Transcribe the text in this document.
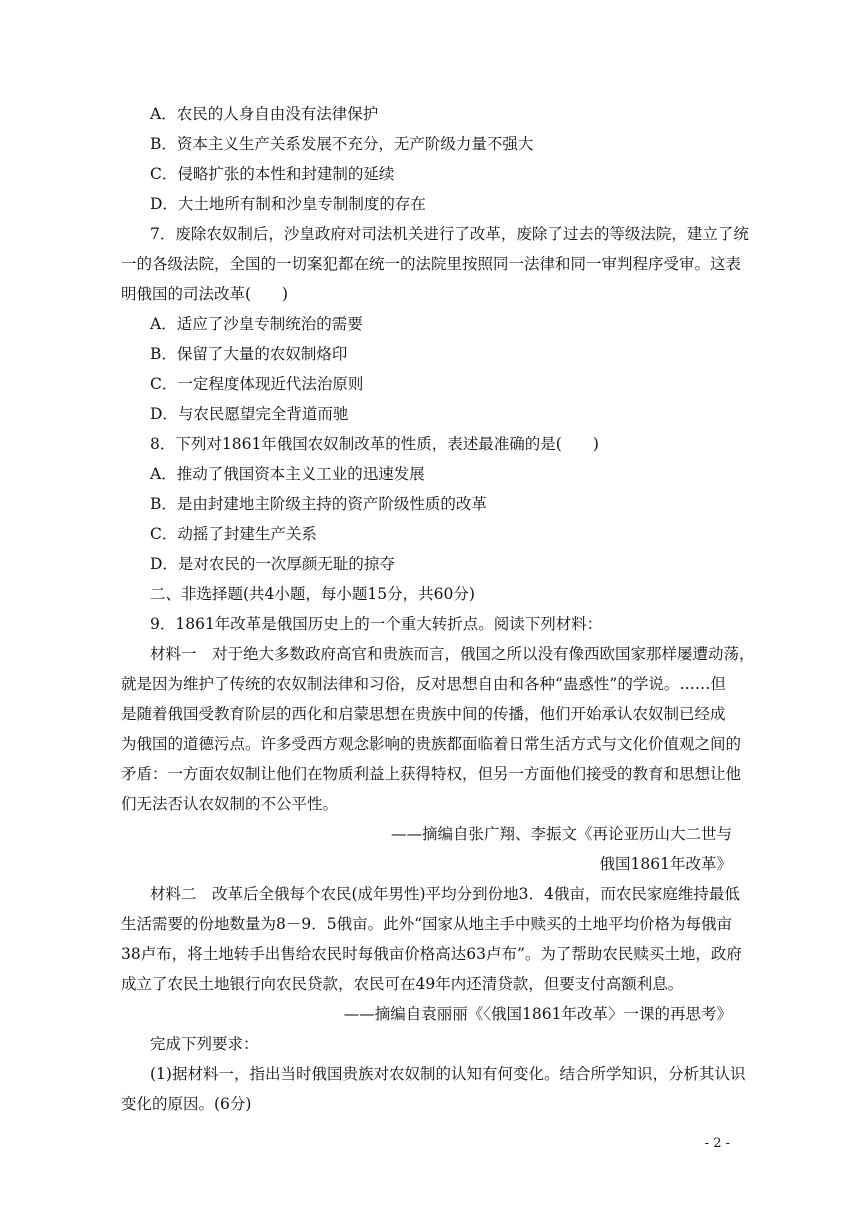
A．农民的人身自由没有法律保护
B．资本主义生产关系发展不充分，无产阶级力量不强大
C．侵略扩张的本性和封建制的延续
D．大土地所有制和沙皇专制制度的存在
7．废除农奴制后，沙皇政府对司法机关进行了改革，废除了过去的等级法院，建立了统
一的各级法院，全国的一切案犯都在统一的法院里按照同一法律和同一审判程序受审。这表
明俄国的司法改革(　　)
A．适应了沙皇专制统治的需要
B．保留了大量的农奴制烙印
C．一定程度体现近代法治原则
D．与农民愿望完全背道而驰
8．下列对1861年俄国农奴制改革的性质，表述最准确的是(　　)
A．推动了俄国资本主义工业的迅速发展
B．是由封建地主阶级主持的资产阶级性质的改革
C．动摇了封建生产关系
D．是对农民的一次厚颜无耻的掠夺
二、非选择题(共4小题，每小题15分，共60分)
9．1861年改革是俄国历史上的一个重大转折点。阅读下列材料：
材料一　对于绝大多数政府高官和贵族而言，俄国之所以没有像西欧国家那样屡遭动荡，
就是因为维护了传统的农奴制法律和习俗，反对思想自由和各种“蛊惑性”的学说。……但
是随着俄国受教育阶层的西化和启蒙思想在贵族中间的传播，他们开始承认农奴制已经成
为俄国的道德污点。许多受西方观念影响的贵族都面临着日常生活方式与文化价值观之间的
矛盾：一方面农奴制让他们在物质利益上获得特权，但另一方面他们接受的教育和思想让他
们无法否认农奴制的不公平性。
——摘编自张广翔、李振文《再论亚历山大二世与
俄国1861年改革》
材料二　改革后全俄每个农民(成年男性)平均分到份地3．4俄亩，而农民家庭维持最低
生活需要的份地数量为8－9．5俄亩。此外“国家从地主手中赎买的土地平均价格为每俄亩
38卢布，将土地转手出售给农民时每俄亩价格高达63卢布”。为了帮助农民赎买土地，政府
成立了农民土地银行向农民贷款，农民可在49年内还清贷款，但要支付高额利息。
——摘编自袁丽丽《〈俄国1861年改革〉一课的再思考》
完成下列要求：
(1)据材料一，指出当时俄国贵族对农奴制的认知有何变化。结合所学知识，分析其认识
变化的原因。(6分)
- 2 -
